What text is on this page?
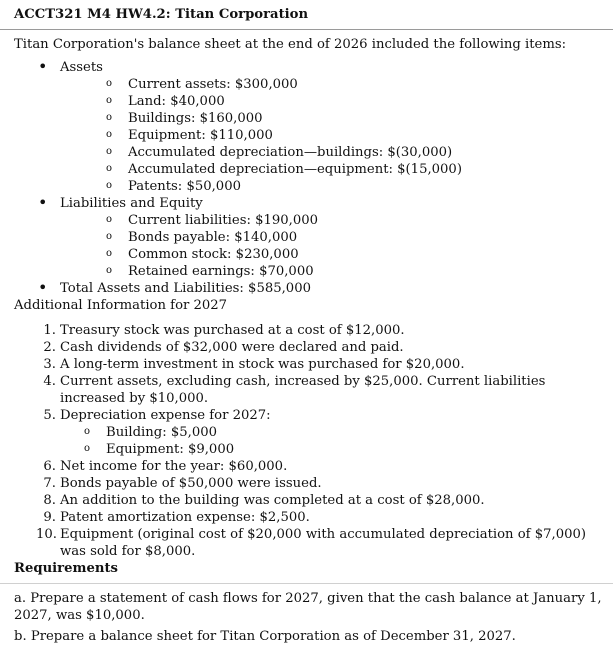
ACCT321 M4 HW4.2: Titan Corporation
Titan Corporation's balance sheet at the end of 2026 included the following items:
• Assets
o Current assets: $300,000
o Land: $40,000
o Buildings: $160,000
o Equipment: $110,000
o Accumulated depreciation—buildings: $(30,000)
o Accumulated depreciation—equipment: $(15,000)
o Patents: $50,000
• Liabilities and Equity
o Current liabilities: $190,000
o Bonds payable: $140,000
o Common stock: $230,000
o Retained earnings: $70,000
• Total Assets and Liabilities: $585,000
Additional Information for 2027
1. Treasury stock was purchased at a cost of $12,000.
2. Cash dividends of $32,000 were declared and paid.
3. A long-term investment in stock was purchased for $20,000.
4. Current assets, excluding cash, increased by $25,000. Current liabilities increased by $10,000.
5. Depreciation expense for 2027:
o Building: $5,000
o Equipment: $9,000
6. Net income for the year: $60,000.
7. Bonds payable of $50,000 were issued.
8. An addition to the building was completed at a cost of $28,000.
9. Patent amortization expense: $2,500.
10. Equipment (original cost of $20,000 with accumulated depreciation of $7,000) was sold for $8,000.
Requirements

a. Prepare a statement of cash flows for 2027, given that the cash balance at January 1, 2027, was $10,000.

b. Prepare a balance sheet for Titan Corporation as of December 31, 2027.
